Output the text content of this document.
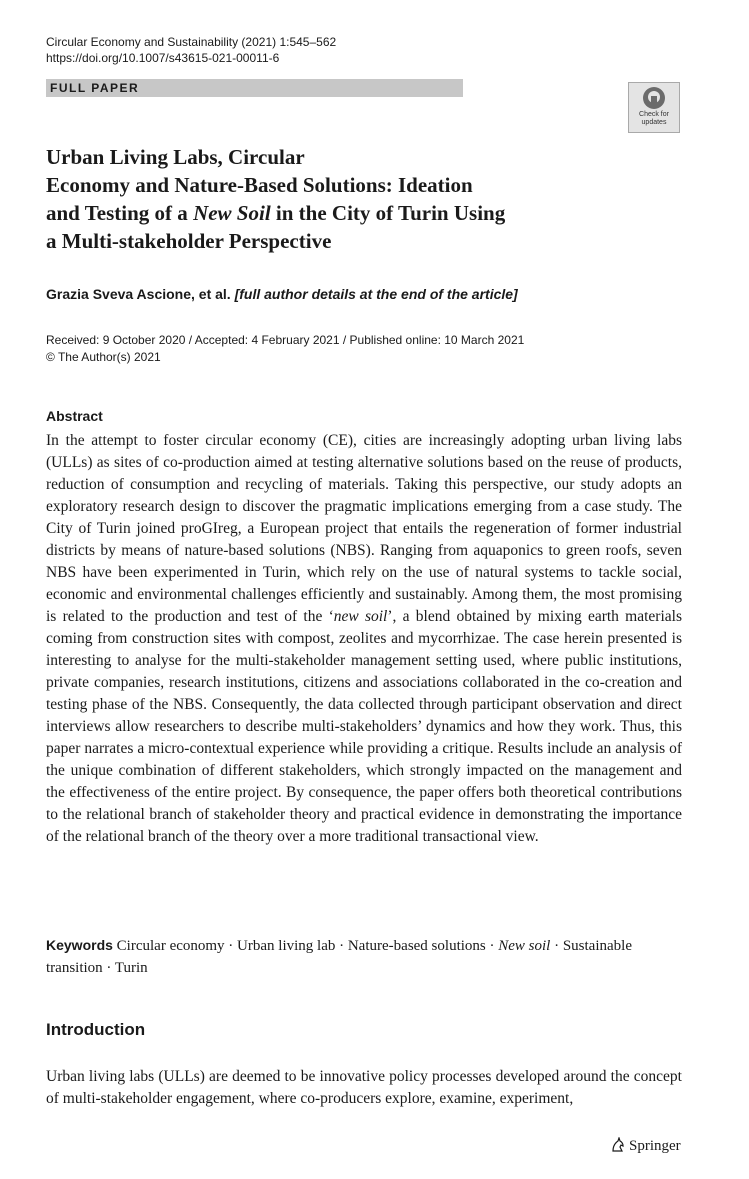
Circular Economy and Sustainability (2021) 1:545–562
https://doi.org/10.1007/s43615-021-00011-6
FULL PAPER
Check for
updates
Urban Living Labs, Circular
Economy and Nature-Based Solutions: Ideation
and Testing of a New Soil in the City of Turin Using
a Multi-stakeholder Perspective
Grazia Sveva Ascione, et al. [full author details at the end of the article]
Received: 9 October 2020 / Accepted: 4 February 2021 / Published online: 10 March 2021
© The Author(s) 2021
Abstract

In the attempt to foster circular economy (CE), cities are increasingly adopting urban living labs (ULLs) as sites of co-production aimed at testing alternative solutions based on the reuse of products, reduction of consumption and recycling of materials. Taking this perspective, our study adopts an exploratory research design to discover the pragmatic implications emerging from a case study. The City of Turin joined proGIreg, a European project that entails the regeneration of former industrial districts by means of nature-based solutions (NBS). Ranging from aquaponics to green roofs, seven NBS have been experimented in Turin, which rely on the use of natural systems to tackle social, economic and environmental challenges efficiently and sustainably. Among them, the most promising is related to the production and test of the ‘new soil’, a blend obtained by mixing earth materials coming from construction sites with compost, zeolites and mycorrhizae. The case herein presented is interesting to analyse for the multi-stakeholder management setting used, where public institutions, private companies, research institutions, citizens and associations collaborated in the co-creation and testing phase of the NBS. Consequently, the data collected through participant observation and direct interviews allow researchers to describe multi-stakeholders’ dynamics and how they work. Thus, this paper narrates a micro-contextual experience while providing a critique. Results include an analysis of the unique combination of different stakeholders, which strongly impacted on the management and the effectiveness of the entire project. By consequence, the paper offers both theoretical contributions to the relational branch of stakeholder theory and practical evidence in demonstrating the importance of the relational branch of the theory over a more traditional transactional view.

Keywords Circular economy · Urban living lab · Nature-based solutions · New soil · Sustainable transition · Turin
Introduction

Urban living labs (ULLs) are deemed to be innovative policy processes developed around the concept of multi-stakeholder engagement, where co-producers explore, examine, experiment,

Springer
